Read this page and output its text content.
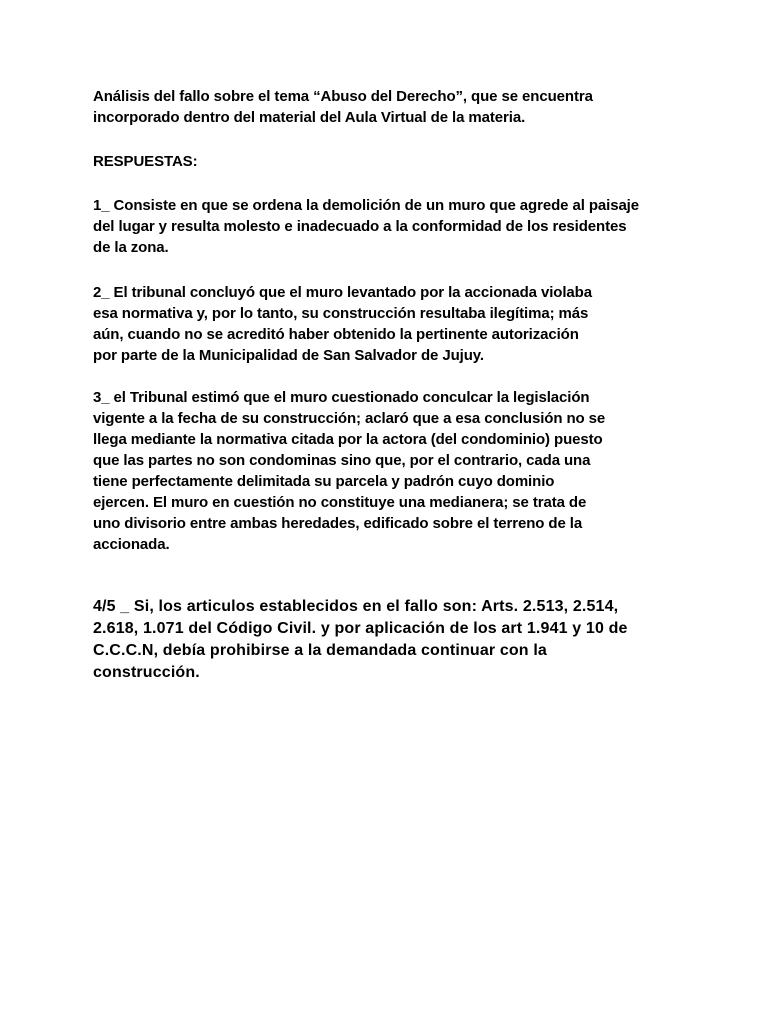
Análisis del fallo sobre el tema “Abuso del Derecho”, que se encuentra
incorporado dentro del material del Aula Virtual de la materia.

RESPUESTAS:

1_ Consiste en que se ordena la demolición de un muro que agrede al paisaje
del lugar y resulta molesto e inadecuado a la conformidad de los residentes
de la zona.

2_ El tribunal concluyó que el muro levantado por la accionada violaba
esa normativa y, por lo tanto, su construcción resultaba ilegítima; más
aún, cuando no se acreditó haber obtenido la pertinente autorización
por parte de la Municipalidad de San Salvador de Jujuy.

3_ el Tribunal estimó que el muro cuestionado conculcar la legislación
vigente a la fecha de su construcción; aclaró que a esa conclusión no se
llega mediante la normativa citada por la actora (del condominio) puesto
que las partes no son condominas sino que, por el contrario, cada una
tiene perfectamente delimitada su parcela y padrón cuyo dominio
ejercen. El muro en cuestión no constituye una medianera; se trata de
uno divisorio entre ambas heredades, edificado sobre el terreno de la
accionada.

4/5 _ Si, los articulos establecidos en el fallo son: Arts. 2.513, 2.514,
2.618, 1.071 del Código Civil. y por aplicación de los art 1.941 y 10 de
C.C.C.N, debía prohibirse a la demandada continuar con la
construcción.
